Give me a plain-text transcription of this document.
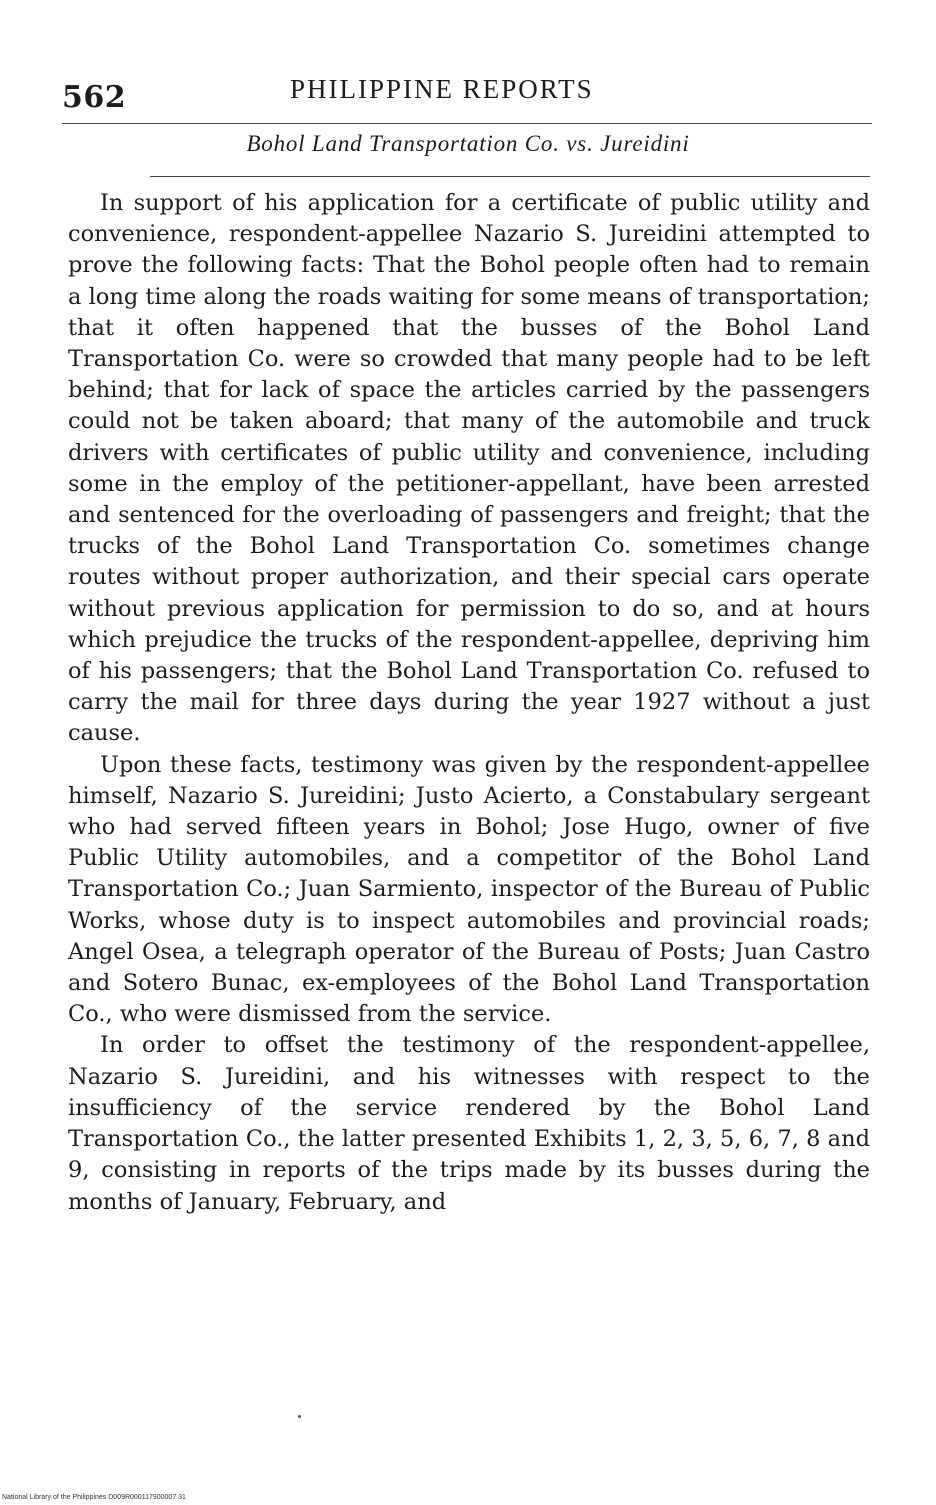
562	PHILIPPINE REPORTS
Bohol Land Transportation Co. vs. Jureidini

In support of his application for a certificate of public utility and convenience, respondent-appellee Nazario S. Jureidini attempted to prove the following facts: That the Bohol people often had to remain a long time along the roads waiting for some means of transportation; that it often happened that the busses of the Bohol Land Transportation Co. were so crowded that many people had to be left behind; that for lack of space the articles carried by the passengers could not be taken aboard; that many of the automobile and truck drivers with certificates of public utility and convenience, including some in the employ of the petitioner-appellant, have been arrested and sentenced for the overloading of passengers and freight; that the trucks of the Bohol Land Transportation Co. sometimes change routes without proper authorization, and their special cars operate without previous application for permission to do so, and at hours which prejudice the trucks of the respondent-appellee, depriving him of his passengers; that the Bohol Land Transportation Co. refused to carry the mail for three days during the year 1927 without a just cause.

Upon these facts, testimony was given by the respondent-appellee himself, Nazario S. Jureidini; Justo Acierto, a Constabulary sergeant who had served fifteen years in Bohol; Jose Hugo, owner of five Public Utility automobiles, and a competitor of the Bohol Land Transportation Co.; Juan Sarmiento, inspector of the Bureau of Public Works, whose duty is to inspect automobiles and provincial roads; Angel Osea, a telegraph operator of the Bureau of Posts; Juan Castro and Sotero Bunac, ex-employees of the Bohol Land Transportation Co., who were dismissed from the service.

In order to offset the testimony of the respondent-appellee, Nazario S. Jureidini, and his witnesses with respect to the insufficiency of the service rendered by the Bohol Land Transportation Co., the latter presented Exhibits 1, 2, 3, 5, 6, 7, 8 and 9, consisting in reports of the trips made by its busses during the months of January, February, and

National Library of the Philippines D009R000117900007 31
